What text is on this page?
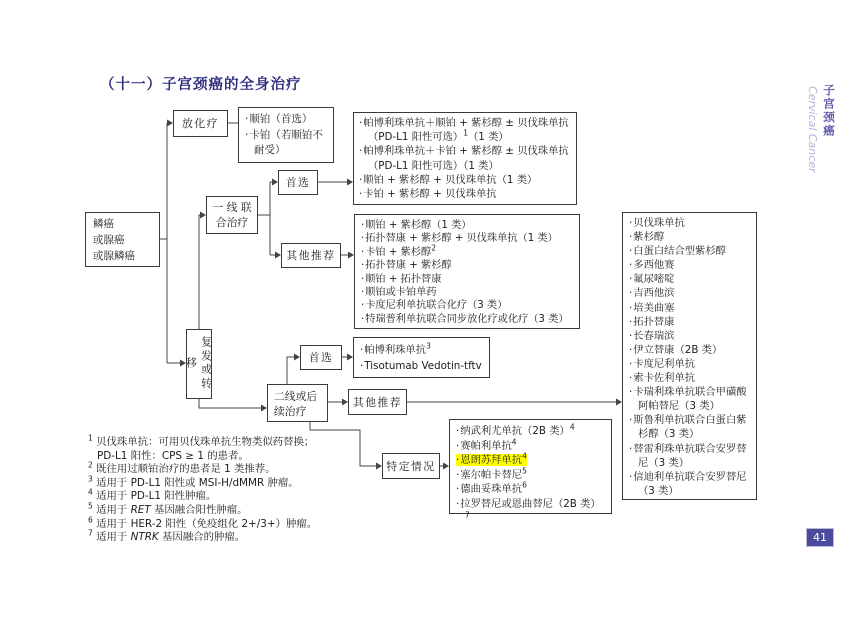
（十一）子宫颈癌的全身治疗
鳞癌
或腺癌
或腺鳞癌
放化疗 ·顺铂（首选）
·卡铂（若顺铂不耐受）
·帕博利珠单抗＋顺铂 + 紫杉醇 ± 贝伐珠单抗（PD-L1 阳性可选）$^1$（1 类）
·帕博利珠单抗＋卡铂 + 紫杉醇 ± 贝伐珠单抗（PD-L1 阳性可选）（1 类）
·顺铂 + 紫杉醇 + 贝伐珠单抗（1 类）
·卡铂 + 紫杉醇 + 贝伐珠单抗
首选
一 线 联
合治疗
其他推荐
·顺铂 + 紫杉醇（1 类）
·拓扑替康 + 紫杉醇 + 贝伐珠单抗（1 类）
·卡铂 + 紫杉醇$^2$
·拓扑替康 + 紫杉醇
·顺铂 + 拓扑替康
·顺铂或卡铂单药
·卡度尼利单抗联合化疗（3 类）
·特瑞普利单抗联合同步放化疗或化疗（3 类）
复发或转移	首选
·帕博利珠单抗$^3$
·Tisotumab Vedotin-tftv
二线或后
续治疗
其他推荐
特定情况
·纳武利尤单抗（2B 类）$^4$
·赛帕利单抗$^4$
·恩朗苏拜单抗$^4$
·塞尔帕卡替尼$^5$
·德曲妥珠单抗$^6$
·拉罗替尼或恩曲替尼（2B 类）$^7$
·贝伐珠单抗
·紫杉醇
·白蛋白结合型紫杉醇
·多西他赛
·氟尿嘧啶
·吉西他滨
·培美曲塞
·拓扑替康
·长春瑞滨
·伊立替康（2B 类）
·卡度尼利单抗
·索卡佐利单抗
·卡瑞利珠单抗联合甲磺酸阿帕替尼（3 类）
·斯鲁利单抗联合白蛋白紫杉醇（3 类）
·替雷利珠单抗联合安罗替尼（3 类）
·信迪利单抗联合安罗替尼（3 类）
$^1$ 贝伐珠单抗：可用贝伐珠单抗生物类似药替换；
PD-L1 阳性：CPS ≥ 1 的患者。
$^2$ 既往用过顺铂治疗的患者是 1 类推荐。
$^3$ 适用于 PD-L1 阳性或 MSI-H/dMMR 肿瘤。
$^4$ 适用于 PD-L1 阳性肿瘤。
$^5$ 适用于 RET 基因融合阳性肿瘤。
$^6$ 适用于 HER-2 阳性（免疫组化 2+/3+）肿瘤。
$^7$ 适用于 NTRK 基因融合的肿瘤。
子宫颈癌
Cervical Cancer
41
